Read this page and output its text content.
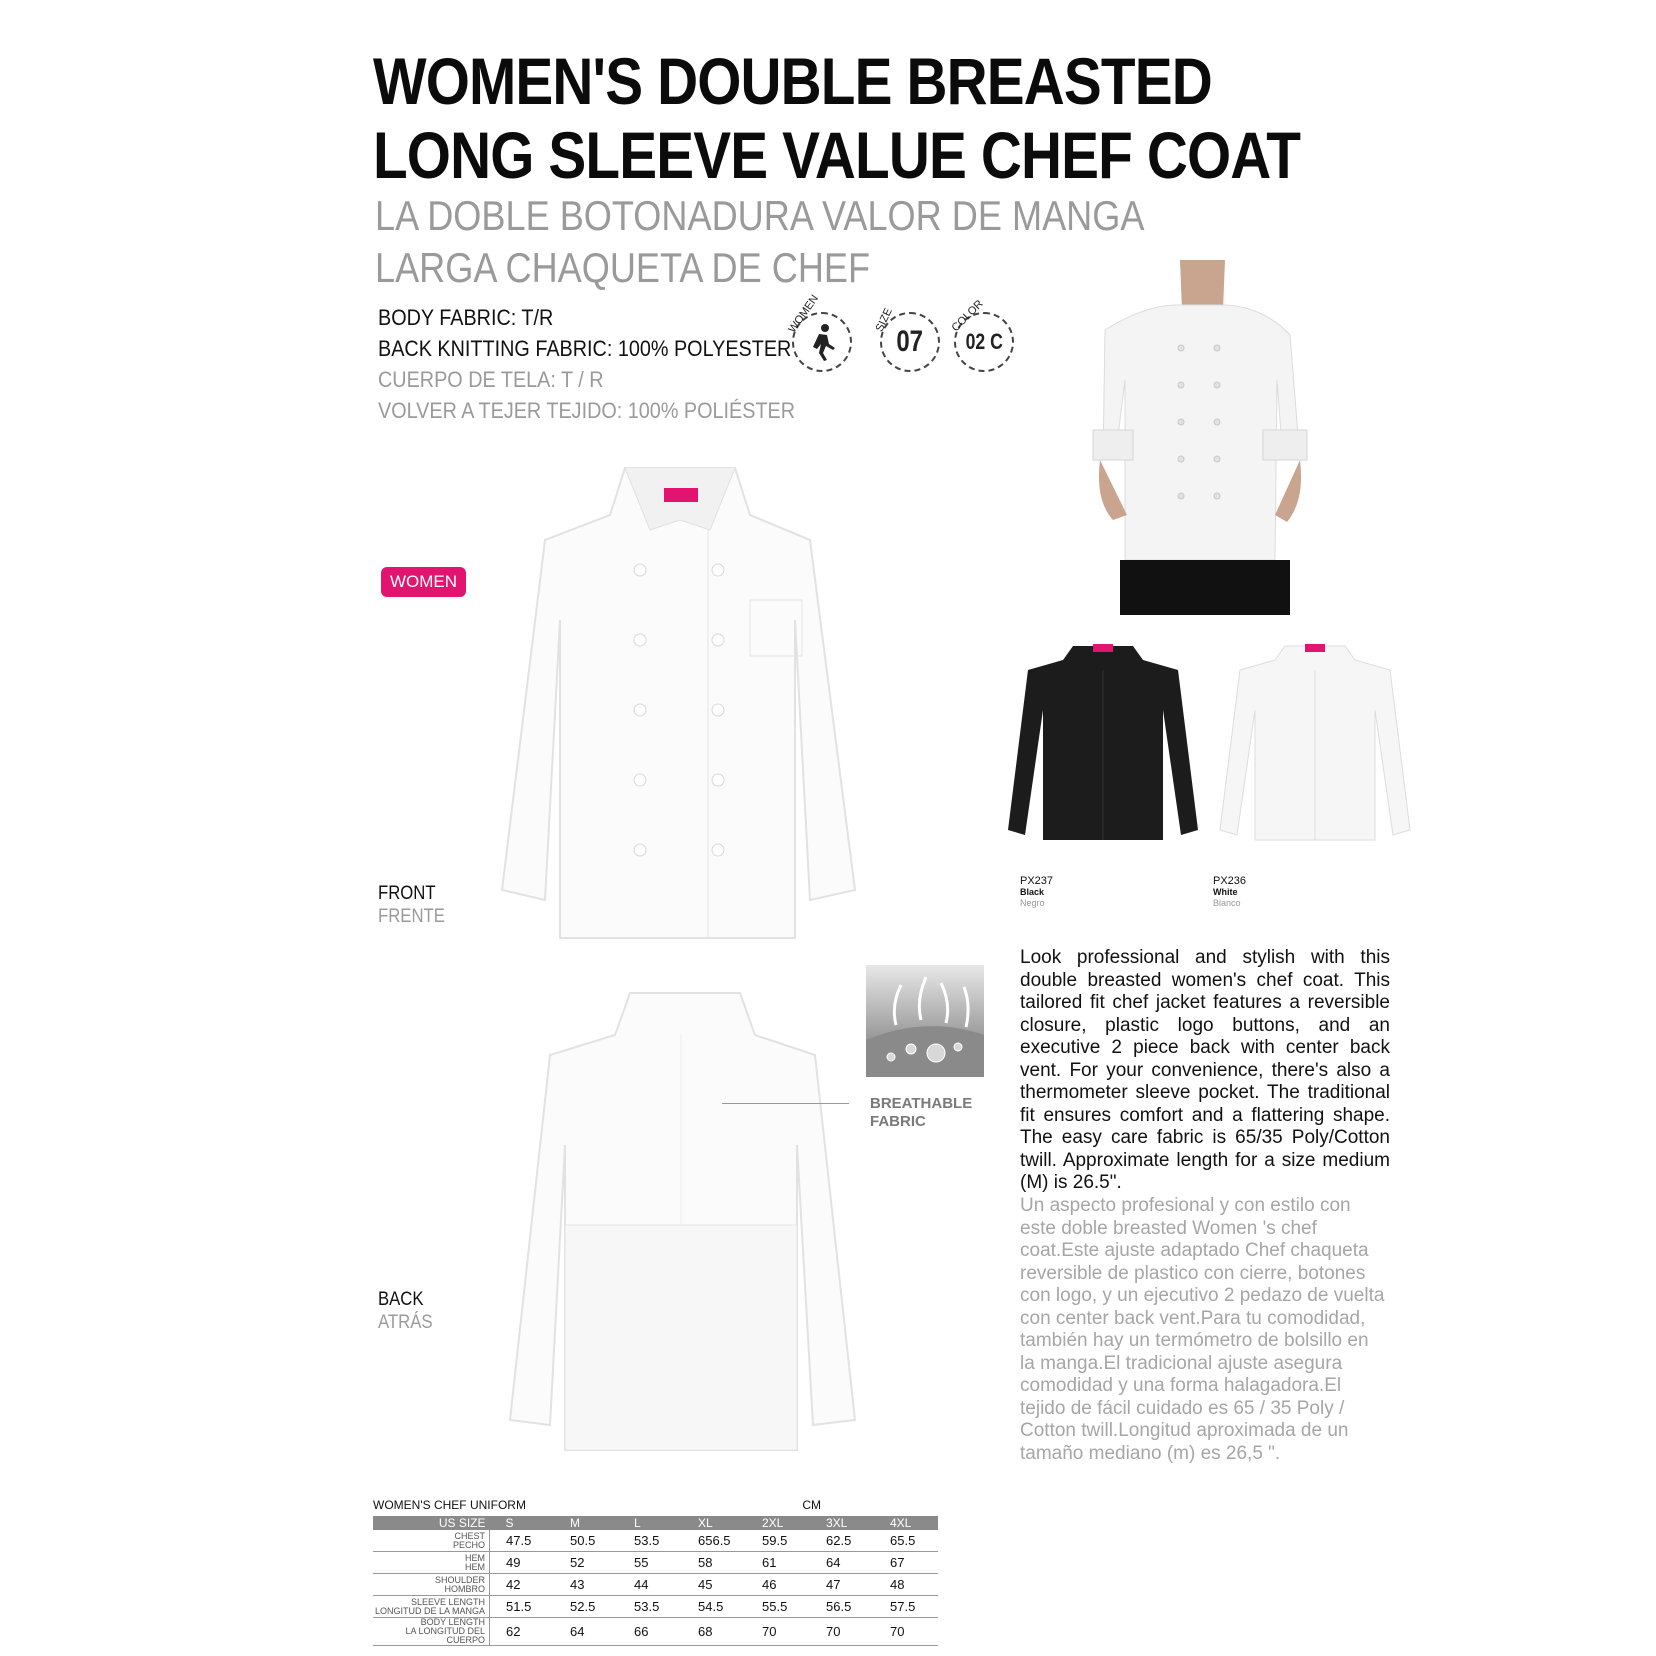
WOMEN'S DOUBLE BREASTED
LONG SLEEVE VALUE CHEF COAT
LA DOBLE BOTONADURA VALOR DE MANGA
LARGA CHAQUETA DE CHEF
BODY FABRIC: T/R
BACK KNITTING FABRIC: 100% POLYESTER
CUERPO DE TELA: T / R
VOLVER A TEJER TEJIDO: 100% POLIÉSTER
WOMEN
07
SIZE
02 C
COLOR
PX237
Black
Negro
PX236
White
Blanco
WOMEN
FRONT
FRENTE
BACK
ATRÁS
BREATHABLE
FABRIC
Look professional and stylish with this double breasted women's chef coat. This tailored fit chef jacket features a reversible closure, plastic logo buttons, and an executive 2 piece back with center back vent. For your convenience, there's also a thermometer sleeve pocket. The traditional fit ensures comfort and a flattering shape. The easy care fabric is 65/35 Poly/Cotton twill. Approximate length for a size medium (M) is 26.5".
Un aspecto profesional y con estilo con este doble breasted Women 's chef coat.Este ajuste adaptado Chef chaqueta reversible de plastico con cierre, botones con logo, y un ejecutivo 2 pedazo de vuelta con center back vent.Para tu comodidad, también hay un termómetro de bolsillo en la manga.El tradicional ajuste asegura comodidad y una forma halagadora.El tejido de fácil cuidado es 65 / 35 Poly / Cotton twill.Longitud aproximada de un tamaño mediano (m) es 26,5 ".
WOMEN'S CHEF UNIFORM	CM
US SIZE	S	M	L	XL	2XL	3XL	4XL

CHEST
PECHO	47.5	50.5	53.5	656.5	59.5	62.5	65.5

HEM
HEM	49	52	55	58	61	64	67

SHOULDER
HOMBRO	42	43	44	45	46	47	48

SLEEVE LENGTH
LONGITUD DE LA MANGA	51.5	52.5	53.5	54.5	55.5	56.5	57.5

BODY LENGTH
LA LONGITUD DEL CUERPO	62	64	66	68	70	70	70
